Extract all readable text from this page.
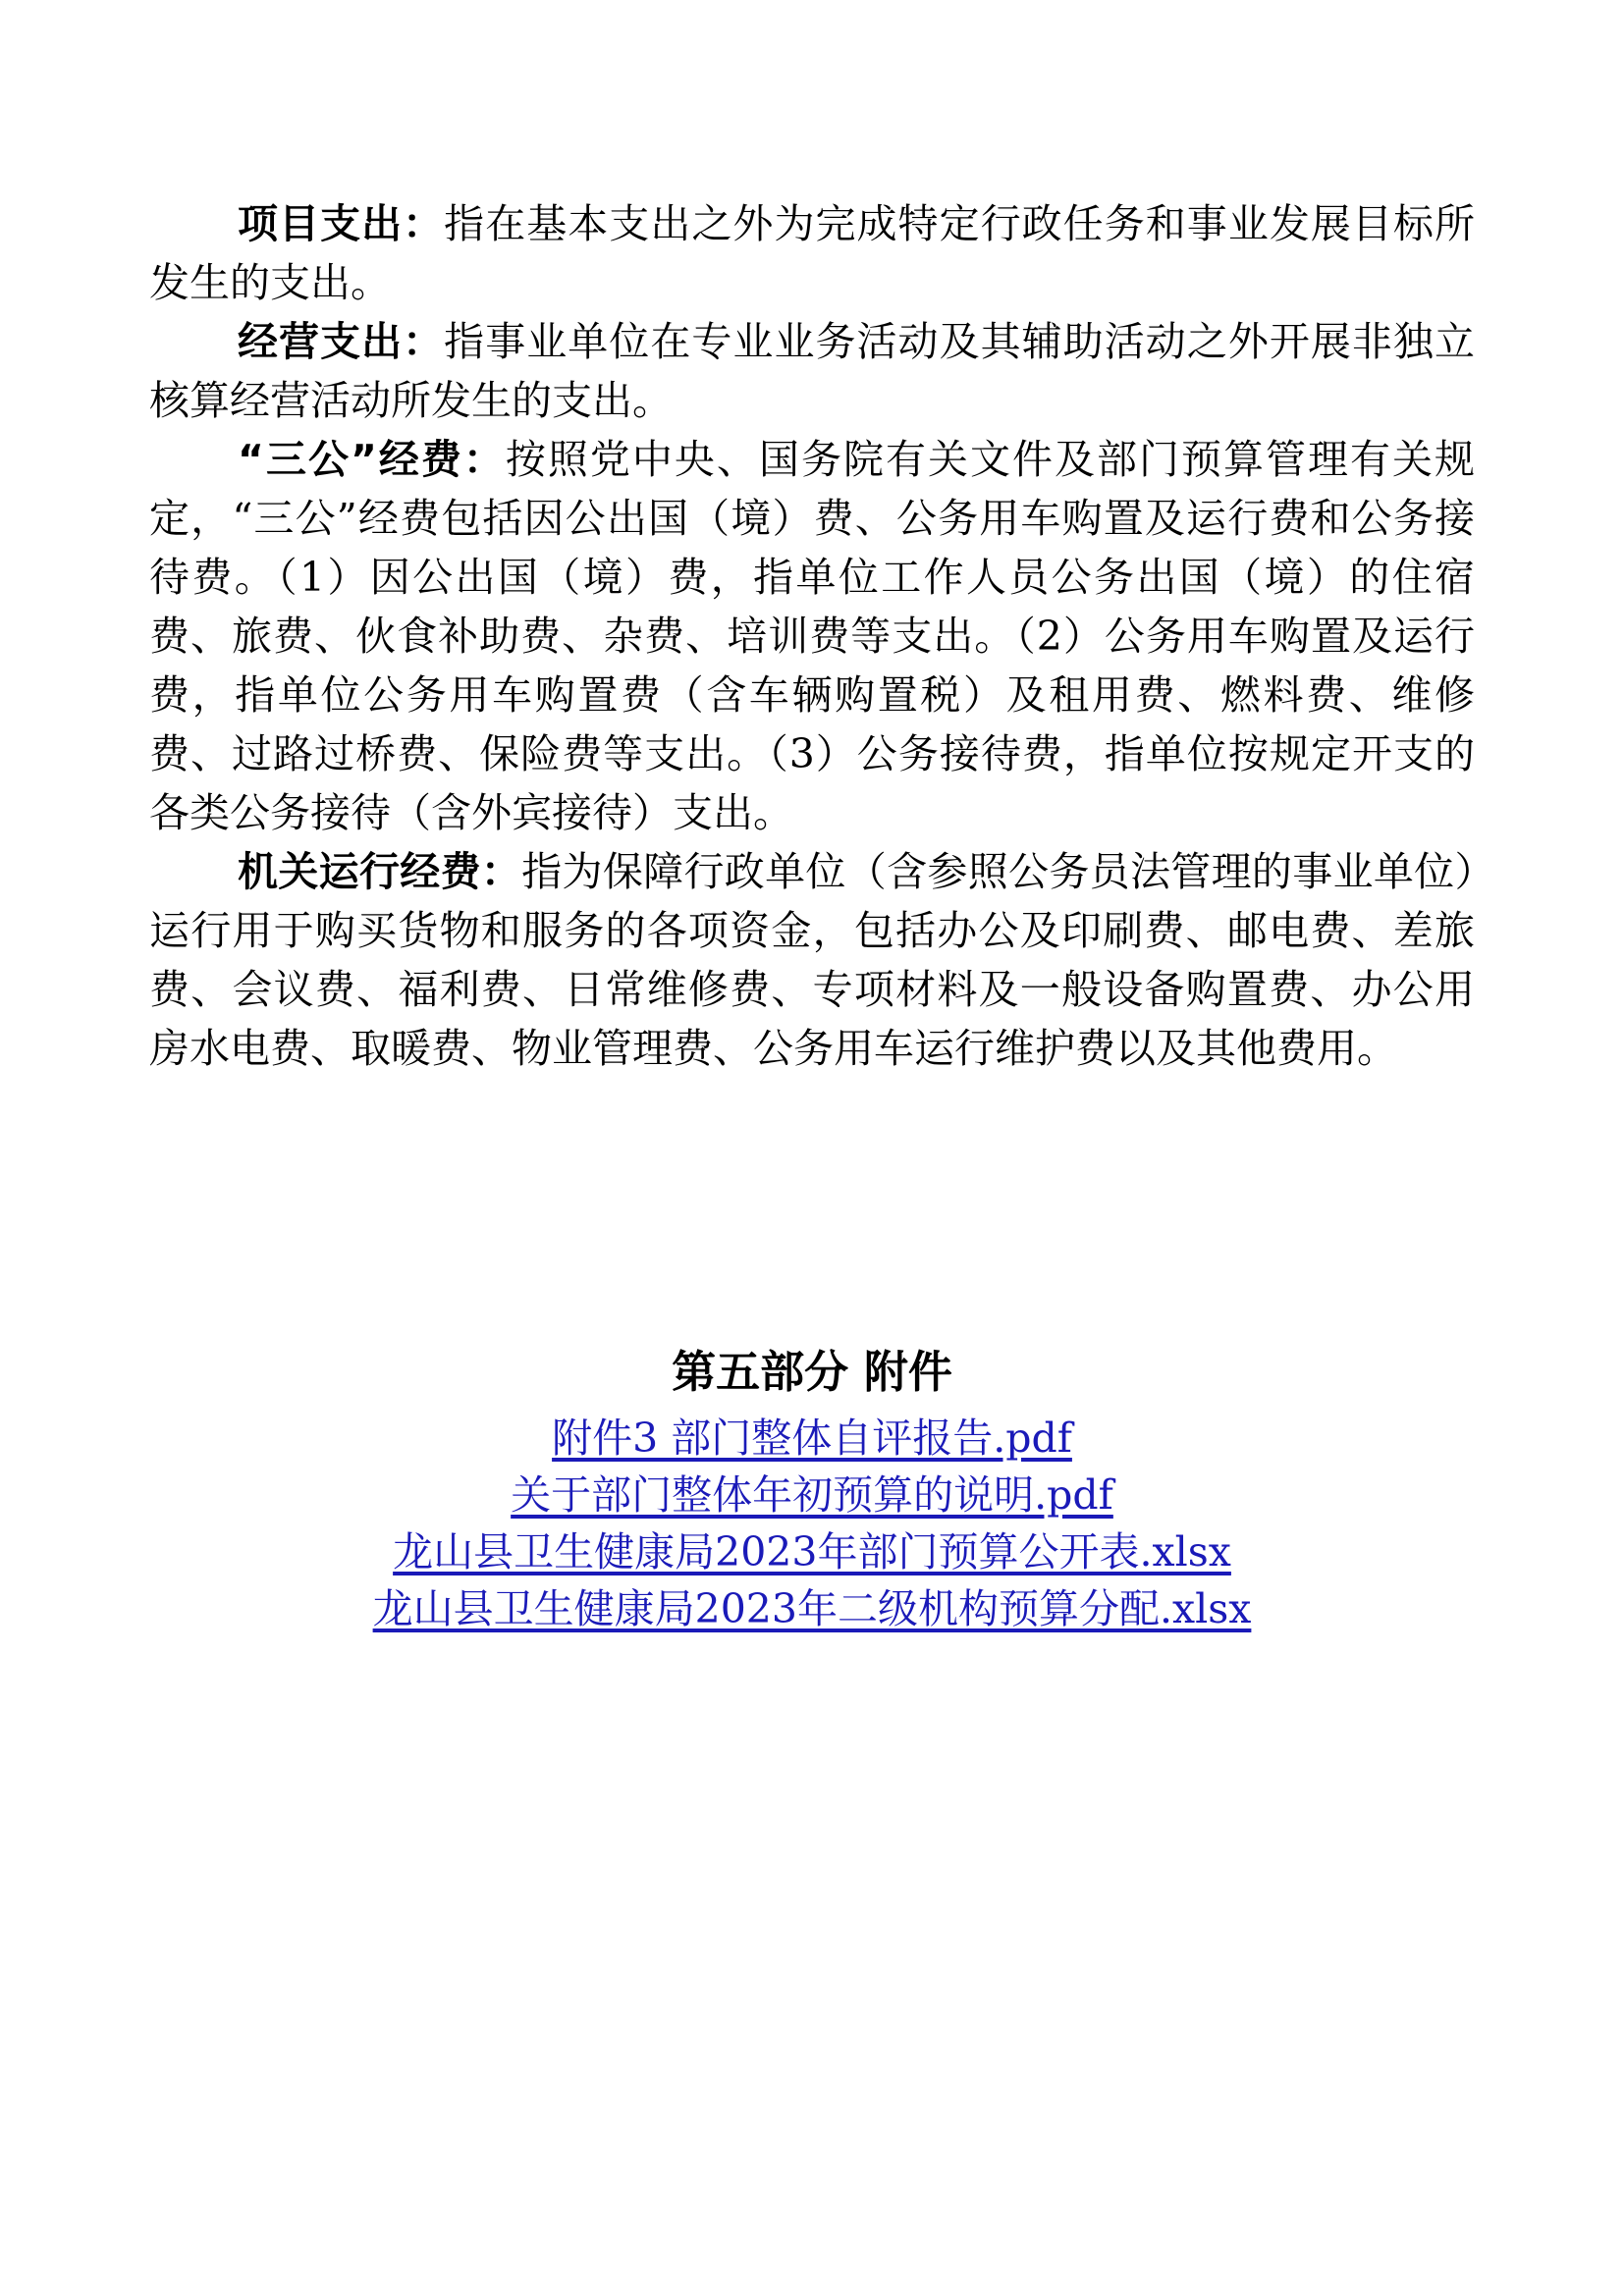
项目支出：指在基本支出之外为完成特定行政任务和事业发展目标所发生的支出。

经营支出：指事业单位在专业业务活动及其辅助活动之外开展非独立核算经营活动所发生的支出。

“三公”经费：按照党中央、国务院有关文件及部门预算管理有关规定，“三公”经费包括因公出国（境）费、公务用车购置及运行费和公务接待费。（1）因公出国（境）费，指单位工作人员公务出国（境）的住宿费、旅费、伙食补助费、杂费、培训费等支出。（2）公务用车购置及运行费，指单位公务用车购置费（含车辆购置税）及租用费、燃料费、维修费、过路过桥费、保险费等支出。（3）公务接待费，指单位按规定开支的各类公务接待（含外宾接待）支出。

机关运行经费：指为保障行政单位（含参照公务员法管理的事业单位）运行用于购买货物和服务的各项资金，包括办公及印刷费、邮电费、差旅费、会议费、福利费、日常维修费、专项材料及一般设备购置费、办公用房水电费、取暖费、物业管理费、公务用车运行维护费以及其他费用。

第五部分 附件
附件3 部门整体自评报告.pdf
关于部门整体年初预算的说明.pdf
龙山县卫生健康局2023年部门预算公开表.xlsx
龙山县卫生健康局2023年二级机构预算分配.xlsx
